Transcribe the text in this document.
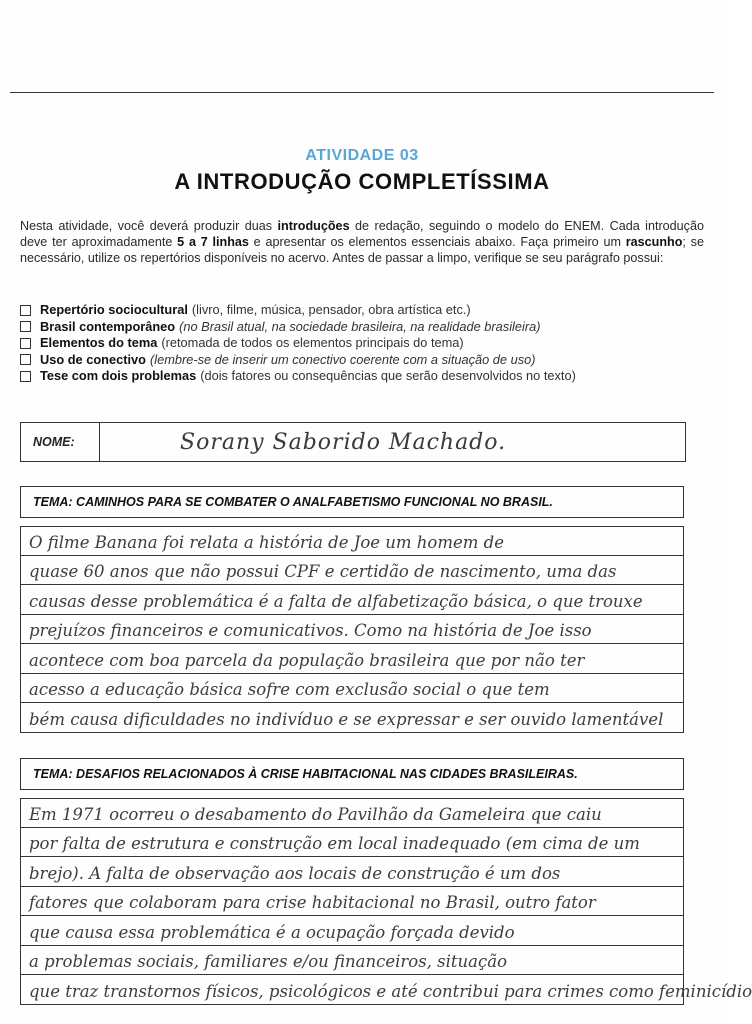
ATIVIDADE 03
A INTRODUÇÃO COMPLETÍSSIMA
Nesta atividade, você deverá produzir duas introduções de redação, seguindo o modelo do ENEM. Cada introdução deve ter aproximadamente 5 a 7 linhas e apresentar os elementos essenciais abaixo. Faça primeiro um rascunho; se necessário, utilize os repertórios disponíveis no acervo. Antes de passar a limpo, verifique se seu parágrafo possui:
Repertório sociocultural (livro, filme, música, pensador, obra artística etc.)
Brasil contemporâneo (no Brasil atual, na sociedade brasileira, na realidade brasileira)
Elementos do tema (retomada de todos os elementos principais do tema)
Uso de conectivo (lembre-se de inserir um conectivo coerente com a situação de uso)
Tese com dois problemas (dois fatores ou consequências que serão desenvolvidos no texto)
NOME:	Sorany Saborido Machado.
TEMA: CAMINHOS PARA SE COMBATER O ANALFABETISMO FUNCIONAL NO BRASIL.
O filme Banana foi relata a história de Joe um homem de
quase 60 anos que não possui CPF e certidão de nascimento, uma das
causas desse problemática é a falta de alfabetização básica, o que trouxe
prejuízos financeiros e comunicativos. Como na história de Joe isso
acontece com boa parcela da população brasileira que por não ter
acesso a educação básica sofre com exclusão social o que tem
bém causa dificuldades no indivíduo e se expressar e ser ouvido lamentável
TEMA: DESAFIOS RELACIONADOS À CRISE HABITACIONAL NAS CIDADES BRASILEIRAS.
Em 1971 ocorreu o desabamento do Pavilhão da Gameleira que caiu
por falta de estrutura e construção em local inadequado (em cima de um
brejo). A falta de observação aos locais de construção é um dos
fatores que colaboram para crise habitacional no Brasil, outro fator
que causa essa problemática é a ocupação forçada devido
a problemas sociais, familiares e/ou financeiros, situação
que traz transtornos físicos, psicológicos e até contribui para crimes como feminicídio
